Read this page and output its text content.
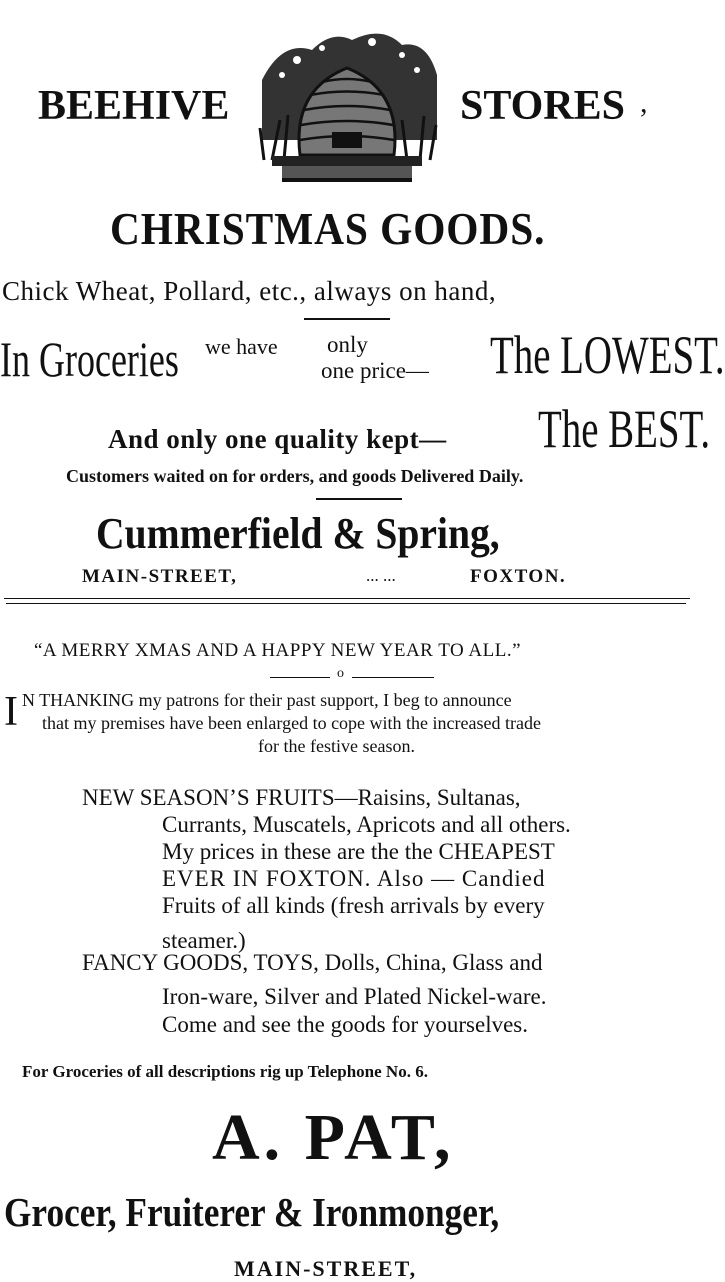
BEEHIVE	STORES ,
CHRISTMAS GOODS.
Chick Wheat, Pollard, etc., always on hand,
In Groceries we have only
one price— The LOWEST.
And only one quality kept— The BEST.
Customers waited on for orders, and goods Delivered Daily.
Cummerfield & Spring,
MAIN-STREET,	... ...	FOXTON.
“A MERRY XMAS AND A HAPPY NEW YEAR TO ALL.”
o
I N THANKING my patrons for their past support, I beg to announce
that my premises have been enlarged to cope with the increased trade
for the festive season.
NEW SEASON’S FRUITS—Raisins, Sultanas,
Currants, Muscatels, Apricots and all others.
My prices in these are the the CHEAPEST
EVER IN FOXTON. Also — Candied
Fruits of all kinds (fresh arrivals by every
steamer.)
FANCY GOODS, TOYS, Dolls, China, Glass and
Iron-ware, Silver and Plated Nickel-ware.
Come and see the goods for yourselves.
For Groceries of all descriptions rig up Telephone No. 6.
A. PAT,
Grocer, Fruiterer & Ironmonger,
MAIN-STREET,
